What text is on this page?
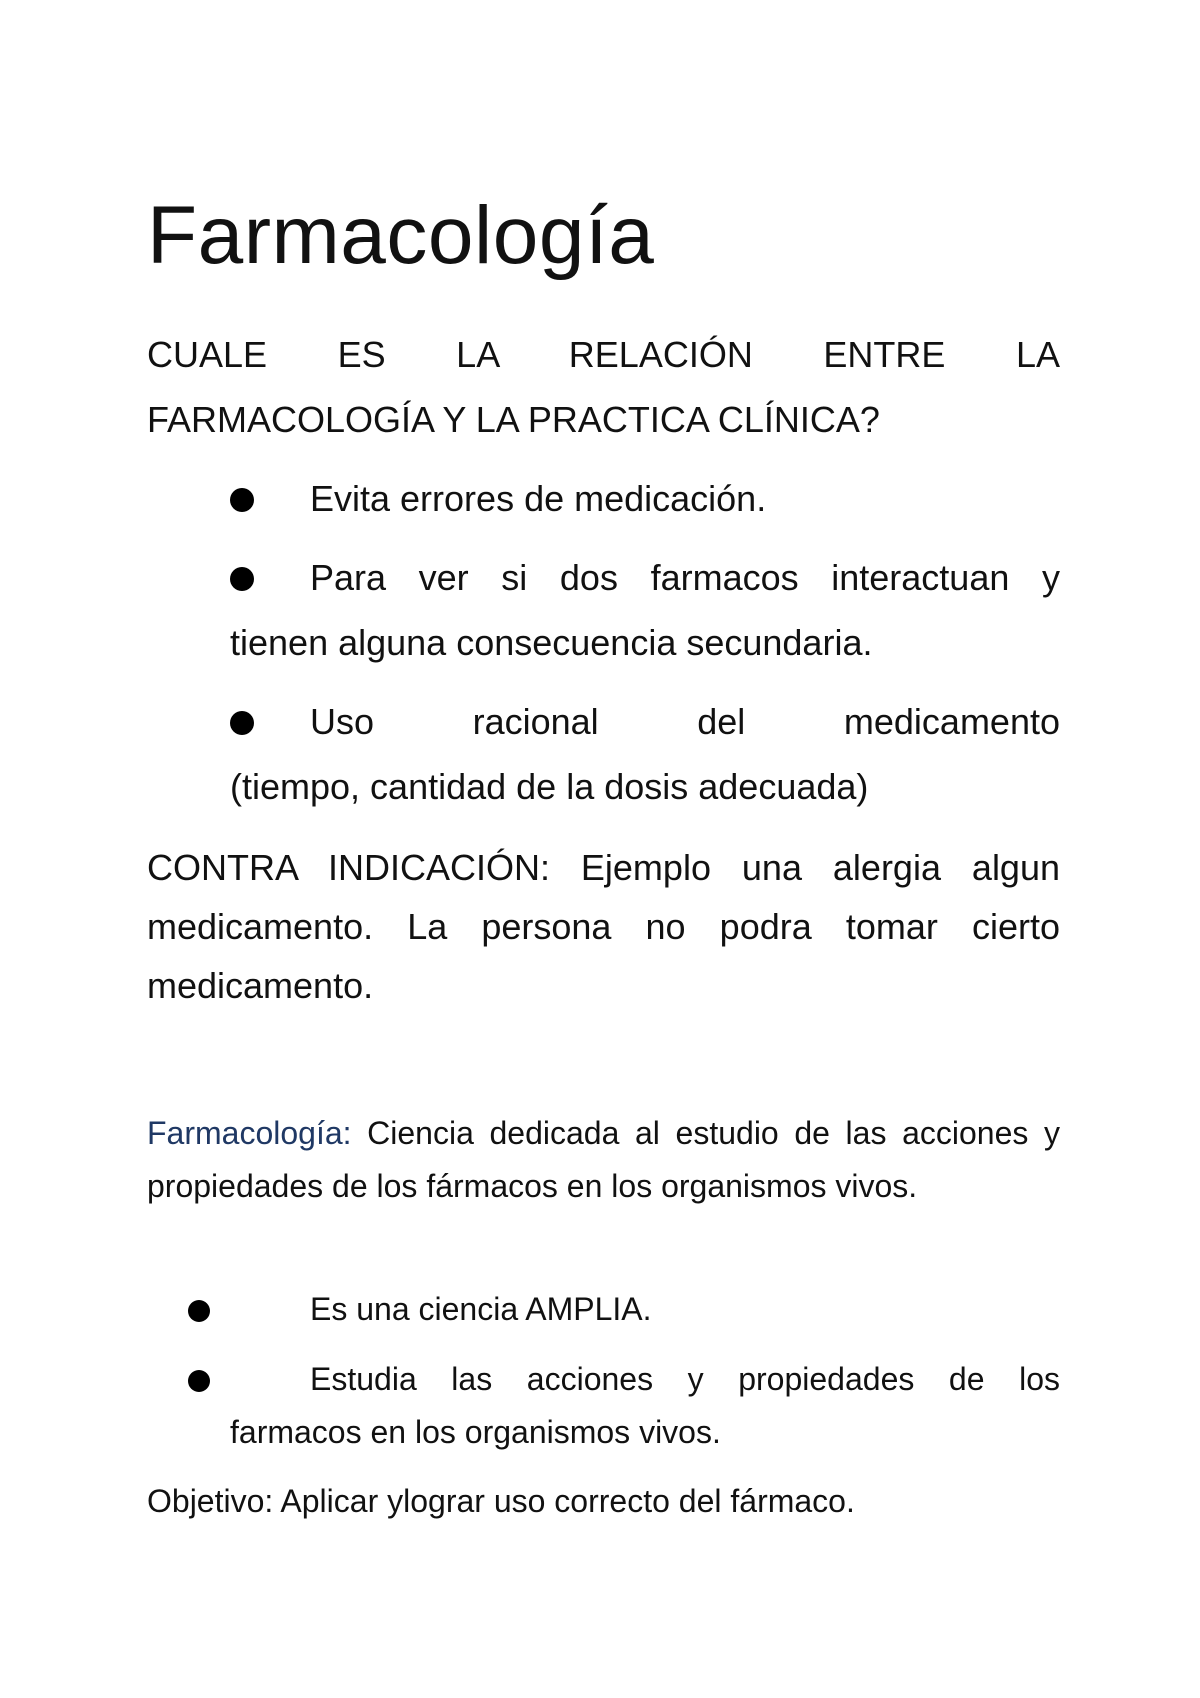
Farmacología

CUALE ES LA RELACIÓN ENTRE LA
FARMACOLOGÍA Y LA PRACTICA CLÍNICA?

Evita errores de medicación.
Para ver si dos farmacos interactuan y
tienen alguna consecuencia secundaria.
Uso racional del medicamento
(tiempo, cantidad de la dosis adecuada)

CONTRA INDICACIÓN: Ejemplo una alergia algun medicamento. La persona no podra tomar cierto medicamento.

Farmacología: Ciencia dedicada al estudio de las acciones y propiedades de los fármacos en los organismos vivos.

Es una ciencia AMPLIA.
Estudia las acciones y propiedades de los
farmacos en los organismos vivos.

Objetivo: Aplicar ylograr uso correcto del fármaco.
